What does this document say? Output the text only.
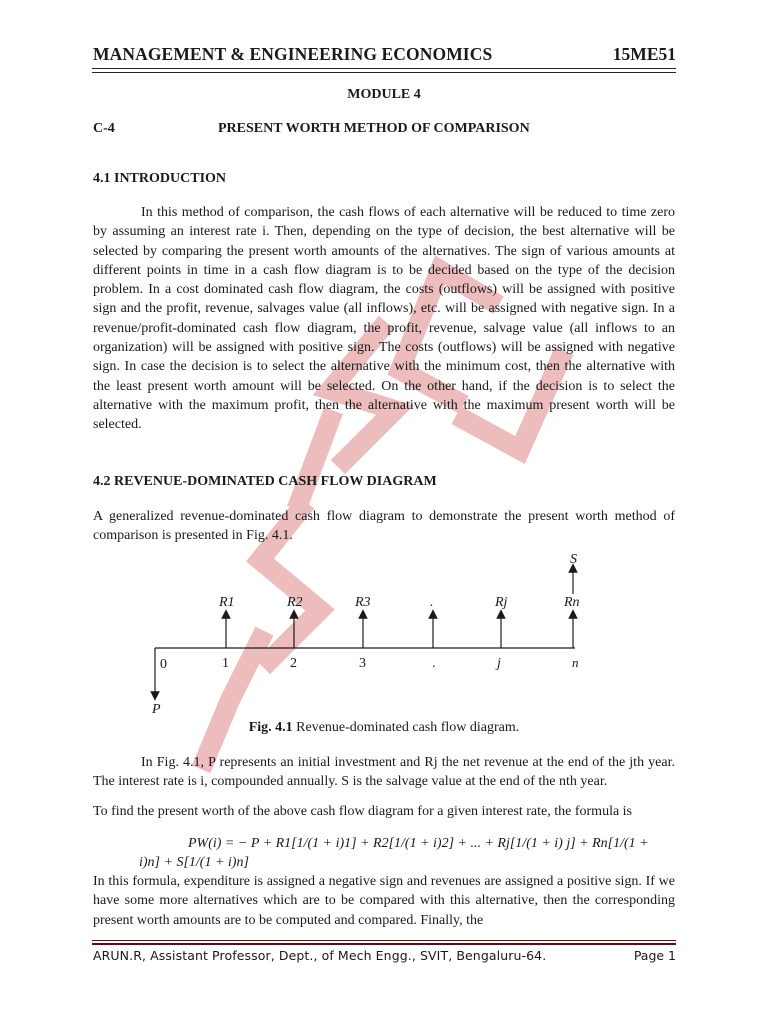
MANAGEMENT & ENGINEERING ECONOMICS	15ME51
MODULE 4
C-4	PRESENT WORTH METHOD OF COMPARISON
4.1 INTRODUCTION
In this method of comparison, the cash flows of each alternative will be reduced to time zero by assuming an interest rate i. Then, depending on the type of decision, the best alternative will be selected by comparing the present worth amounts of the alternatives. The sign of various amounts at different points in time in a cash flow diagram is to be decided based on the type of the decision problem. In a cost dominated cash flow diagram, the costs (outflows) will be assigned with positive sign and the profit, revenue, salvages value (all inflows), etc. will be assigned with negative sign. In a revenue/profit-dominated cash flow diagram, the profit, revenue, salvage value (all inflows to an organization) will be assigned with positive sign. The costs (outflows) will be assigned with negative sign. In case the decision is to select the alternative with the minimum cost, then the alternative with the least present worth amount will be selected. On the other hand, if the decision is to select the alternative with the maximum profit, then the alternative with the maximum present worth will be selected.
4.2 REVENUE-DOMINATED CASH FLOW DIAGRAM
A generalized revenue-dominated cash flow diagram to demonstrate the present worth method of comparison is presented in Fig. 4.1.
0	1	2	3	.	j	n
R1	R2	R3	.	Rj	Rn
S
P
Fig. 4.1 Revenue-dominated cash flow diagram.
In Fig. 4.1, P represents an initial investment and Rj the net revenue at the end of the jth year. The interest rate is i, compounded annually. S is the salvage value at the end of the nth year.
To find the present worth of the above cash flow diagram for a given interest rate, the formula is
PW(i) = − P + R1[1/(1 + i)1] + R2[1/(1 + i)2] + ... + Rj[1/(1 + i) j] + Rn[1/(1 +
i)n] + S[1/(1 + i)n]
In this formula, expenditure is assigned a negative sign and revenues are assigned a positive sign. If we have some more alternatives which are to be compared with this alternative, then the corresponding present worth amounts are to be computed and compared. Finally, the
ARUN.R, Assistant Professor, Dept., of Mech Engg., SVIT, Bengaluru-64.	Page 1
